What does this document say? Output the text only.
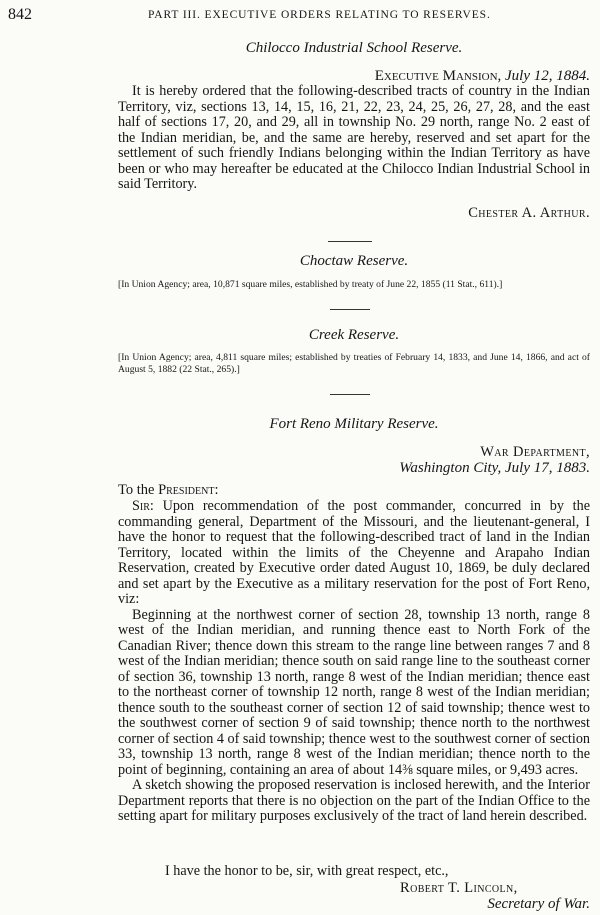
842	PART III. EXECUTIVE ORDERS RELATING TO RESERVES.
Chilocco Industrial School Reserve.
Executive Mansion, July 12, 1884.

It is hereby ordered that the following-described tracts of country in the Indian Territory, viz, sections 13, 14, 15, 16, 21, 22, 23, 24, 25, 26, 27, 28, and the east half of sections 17, 20, and 29, all in township No. 29 north, range No. 2 east of the Indian meridian, be, and the same are hereby, reserved and set apart for the settlement of such friendly Indians belonging within the Indian Territory as have been or who may hereafter be educated at the Chilocco Indian Industrial School in said Territory.

Chester A. Arthur.
Choctaw Reserve.

[In Union Agency; area, 10,871 square miles, established by treaty of June 22, 1855 (11 Stat., 611).]

Creek Reserve.

[In Union Agency; area, 4,811 square miles; established by treaties of February 14, 1833, and June 14, 1866, and act of August 5, 1882 (22 Stat., 265).]

Fort Reno Military Reserve.
War Department,
Washington City, July 17, 1883.
To the President:

Sir: Upon recommendation of the post commander, concurred in by the commanding general, Department of the Missouri, and the lieutenant-general, I have the honor to request that the following-described tract of land in the Indian Territory, located within the limits of the Cheyenne and Arapaho Indian Reservation, created by Executive order dated August 10, 1869, be duly declared and set apart by the Executive as a military reservation for the post of Fort Reno, viz:

Beginning at the northwest corner of section 28, township 13 north, range 8 west of the Indian meridian, and running thence east to North Fork of the Canadian River; thence down this stream to the range line between ranges 7 and 8 west of the Indian meridian; thence south on said range line to the southeast corner of section 36, township 13 north, range 8 west of the Indian meridian; thence east to the northeast corner of township 12 north, range 8 west of the Indian meridian; thence south to the southeast corner of section 12 of said township; thence west to the southwest corner of section 9 of said township; thence north to the northwest corner of section 4 of said township; thence west to the southwest corner of section 33, township 13 north, range 8 west of the Indian meridian; thence north to the point of beginning, containing an area of about 14⅜ square miles, or 9,493 acres.

A sketch showing the proposed reservation is inclosed herewith, and the Interior Department reports that there is no objection on the part of the Indian Office to the setting apart for military purposes exclusively of the tract of land herein described.

I have the honor to be, sir, with great respect, etc.,
Robert T. Lincoln,
Secretary of War.
